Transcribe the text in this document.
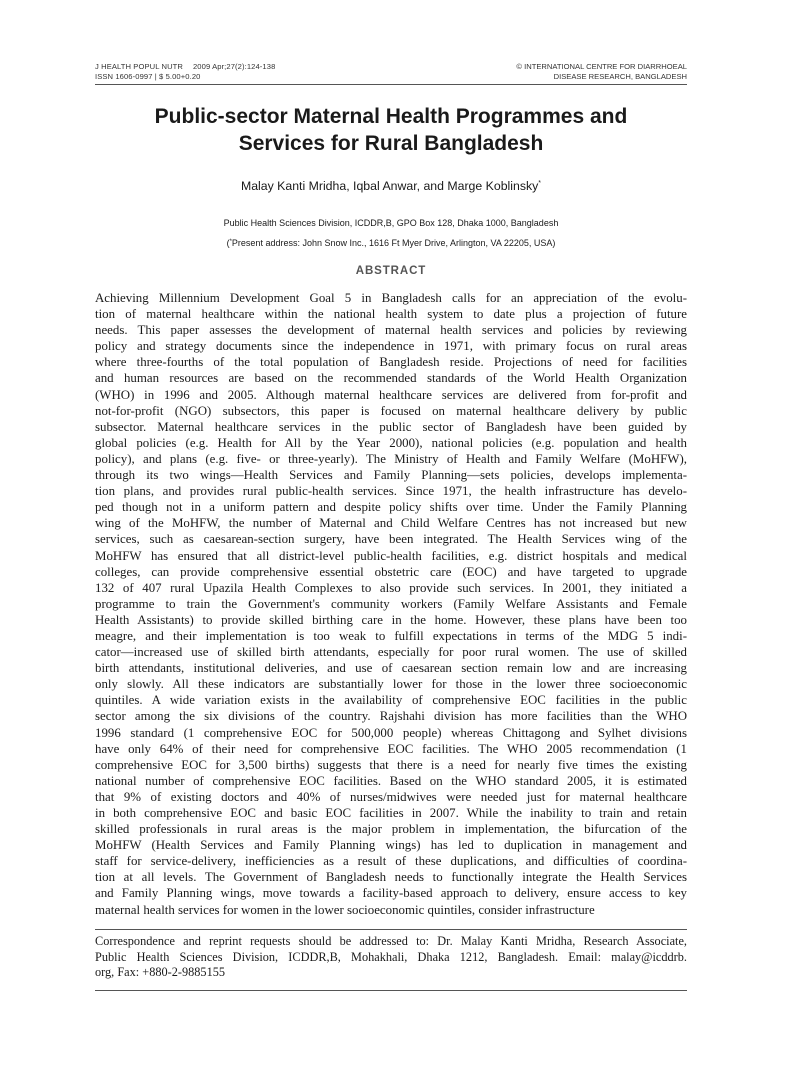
J HEALTH POPUL NUTR 2009 Apr;27(2):124-138
ISSN 1606-0997 | $ 5.00+0.20
© INTERNATIONAL CENTRE FOR DIARRHOEAL
DISEASE RESEARCH, BANGLADESH
Public-sector Maternal Health Programmes and
Services for Rural Bangladesh
Malay Kanti Mridha, Iqbal Anwar, and Marge Koblinsky*
Public Health Sciences Division, ICDDR,B, GPO Box 128, Dhaka 1000, Bangladesh
(*Present address: John Snow Inc., 1616 Ft Myer Drive, Arlington, VA 22205, USA)
ABSTRACT
Achieving Millennium Development Goal 5 in Bangladesh calls for an appreciation of the evolu-
tion of maternal healthcare within the national health system to date plus a projection of future
needs. This paper assesses the development of maternal health services and policies by reviewing
policy and strategy documents since the independence in 1971, with primary focus on rural areas
where three-fourths of the total population of Bangladesh reside. Projections of need for facilities
and human resources are based on the recommended standards of the World Health Organization
(WHO) in 1996 and 2005. Although maternal healthcare services are delivered from for-profit and
not-for-profit (NGO) subsectors, this paper is focused on maternal healthcare delivery by public
subsector. Maternal healthcare services in the public sector of Bangladesh have been guided by
global policies (e.g. Health for All by the Year 2000), national policies (e.g. population and health
policy), and plans (e.g. five- or three-yearly). The Ministry of Health and Family Welfare (MoHFW),
through its two wings—Health Services and Family Planning—sets policies, develops implementa-
tion plans, and provides rural public-health services. Since 1971, the health infrastructure has develo-
ped though not in a uniform pattern and despite policy shifts over time. Under the Family Planning
wing of the MoHFW, the number of Maternal and Child Welfare Centres has not increased but new
services, such as caesarean-section surgery, have been integrated. The Health Services wing of the
MoHFW has ensured that all district-level public-health facilities, e.g. district hospitals and medical
colleges, can provide comprehensive essential obstetric care (EOC) and have targeted to upgrade
132 of 407 rural Upazila Health Complexes to also provide such services. In 2001, they initiated a
programme to train the Government's community workers (Family Welfare Assistants and Female
Health Assistants) to provide skilled birthing care in the home. However, these plans have been too
meagre, and their implementation is too weak to fulfill expectations in terms of the MDG 5 indi-
cator—increased use of skilled birth attendants, especially for poor rural women. The use of skilled
birth attendants, institutional deliveries, and use of caesarean section remain low and are increasing
only slowly. All these indicators are substantially lower for those in the lower three socioeconomic
quintiles. A wide variation exists in the availability of comprehensive EOC facilities in the public
sector among the six divisions of the country. Rajshahi division has more facilities than the WHO
1996 standard (1 comprehensive EOC for 500,000 people) whereas Chittagong and Sylhet divisions
have only 64% of their need for comprehensive EOC facilities. The WHO 2005 recommendation (1
comprehensive EOC for 3,500 births) suggests that there is a need for nearly five times the existing
national number of comprehensive EOC facilities. Based on the WHO standard 2005, it is estimated
that 9% of existing doctors and 40% of nurses/midwives were needed just for maternal healthcare
in both comprehensive EOC and basic EOC facilities in 2007. While the inability to train and retain
skilled professionals in rural areas is the major problem in implementation, the bifurcation of the
MoHFW (Health Services and Family Planning wings) has led to duplication in management and
staff for service-delivery, inefficiencies as a result of these duplications, and difficulties of coordina-
tion at all levels. The Government of Bangladesh needs to functionally integrate the Health Services
and Family Planning wings, move towards a facility-based approach to delivery, ensure access to key
maternal health services for women in the lower socioeconomic quintiles, consider infrastructure
Correspondence and reprint requests should be addressed to: Dr. Malay Kanti Mridha, Research Associate,
Public Health Sciences Division, ICDDR,B, Mohakhali, Dhaka 1212, Bangladesh. Email: malay@icddrb.
org, Fax: +880-2-9885155
